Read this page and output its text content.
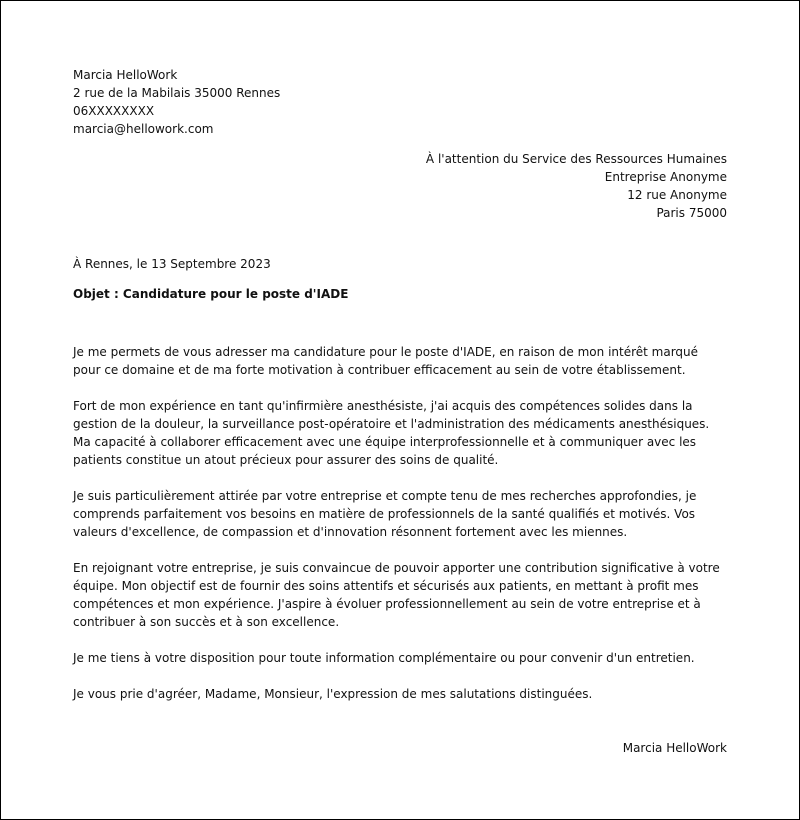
Marcia HelloWork
2 rue de la Mabilais 35000 Rennes
06XXXXXXXX
marcia@hellowork.com
À l'attention du Service des Ressources Humaines
Entreprise Anonyme
12 rue Anonyme
Paris 75000
À Rennes, le 13 Septembre 2023
Objet : Candidature pour le poste d'IADE

Je me permets de vous adresser ma candidature pour le poste d'IADE, en raison de mon intérêt marqué pour ce domaine et de ma forte motivation à contribuer efficacement au sein de votre établissement.

Fort de mon expérience en tant qu'infirmière anesthésiste, j'ai acquis des compétences solides dans la gestion de la douleur, la surveillance post-opératoire et l'administration des médicaments anesthésiques. Ma capacité à collaborer efficacement avec une équipe interprofessionnelle et à communiquer avec les patients constitue un atout précieux pour assurer des soins de qualité.

Je suis particulièrement attirée par votre entreprise et compte tenu de mes recherches approfondies, je comprends parfaitement vos besoins en matière de professionnels de la santé qualifiés et motivés. Vos valeurs d'excellence, de compassion et d'innovation résonnent fortement avec les miennes.

En rejoignant votre entreprise, je suis convaincue de pouvoir apporter une contribution significative à votre équipe. Mon objectif est de fournir des soins attentifs et sécurisés aux patients, en mettant à profit mes compétences et mon expérience. J'aspire à évoluer professionnellement au sein de votre entreprise et à contribuer à son succès et à son excellence.

Je me tiens à votre disposition pour toute information complémentaire ou pour convenir d'un entretien.

Je vous prie d'agréer, Madame, Monsieur, l'expression de mes salutations distinguées.

Marcia HelloWork
